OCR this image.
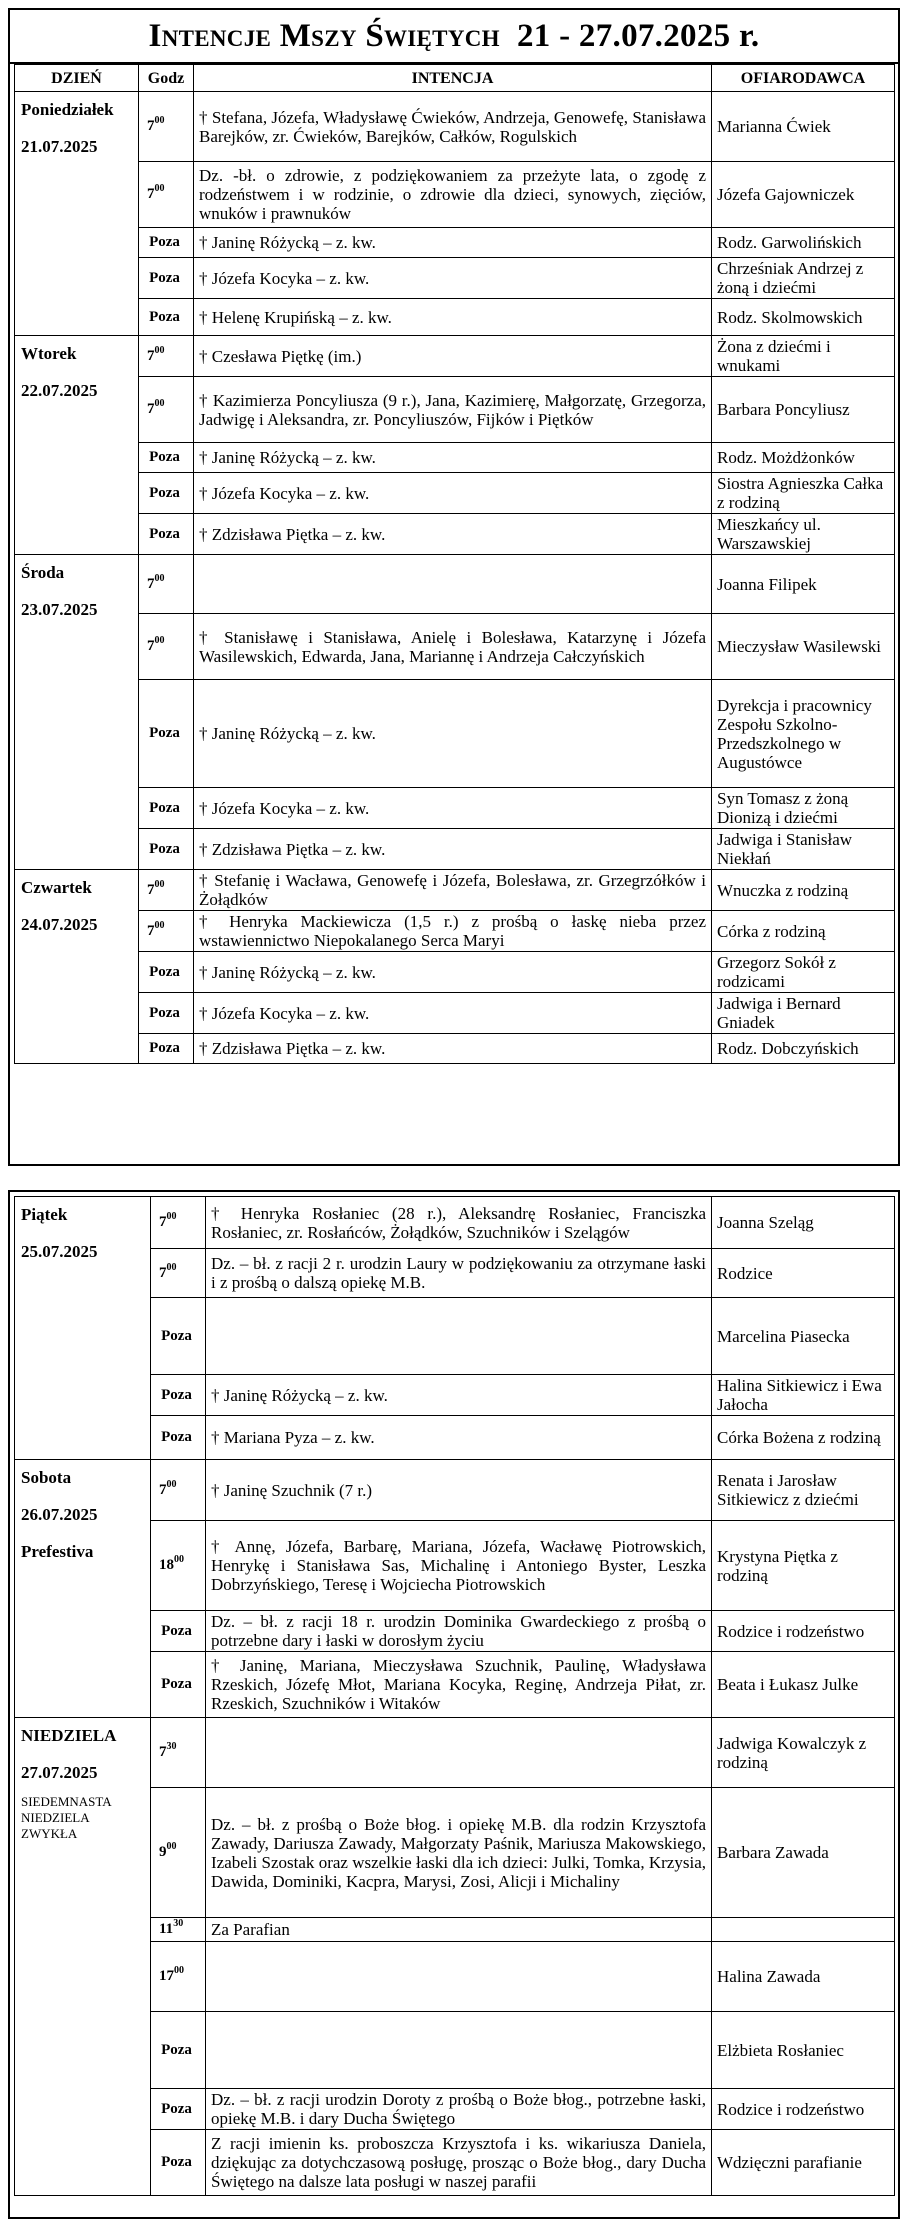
Intencje Mszy Świętych 21 - 27.07.2025 r.
DZIEŃ	Godz	INTENCJA	OFIARODAWCA

Poniedziałek
21.07.2025	$7^{00}$	† Stefana, Józefa, Władysławę Ćwieków, Andrzeja, Genowefę, Stanisława Barejków, zr. Ćwieków, Barejków, Całków, Rogulskich	Marianna Ćwiek
	$7^{00}$	Dz. -bł. o zdrowie, z podziękowaniem za przeżyte lata, o zgodę z rodzeństwem i w rodzinie, o zdrowie dla dzieci, synowych, zięciów, wnuków i prawnuków	Józefa Gajowniczek
	Poza	† Janinę Różycką – z. kw.	Rodz. Garwolińskich
	Poza	† Józefa Kocyka – z. kw.	Chrześniak Andrzej z żoną i dziećmi
	Poza	† Helenę Krupińską – z. kw.	Rodz. Skolmowskich

Wtorek
22.07.2025	$7^{00}$	† Czesława Piętkę (im.)	Żona z dziećmi i wnukami
	$7^{00}$	† Kazimierza Poncyliusza (9 r.), Jana, Kazimierę, Małgorzatę, Grzegorza, Jadwigę i Aleksandra, zr. Poncyliuszów, Fijków i Piętków	Barbara Poncyliusz
	Poza	† Janinę Różycką – z. kw.	Rodz. Możdżonków
	Poza	† Józefa Kocyka – z. kw.	Siostra Agnieszka Całka z rodziną
	Poza	† Zdzisława Piętka – z. kw.	Mieszkańcy ul. Warszawskiej

Środa
23.07.2025	$7^{00}$		Joanna Filipek
	$7^{00}$	† Stanisławę i Stanisława, Anielę i Bolesława, Katarzynę i Józefa Wasilewskich, Edwarda, Jana, Mariannę i Andrzeja Całczyńskich	Mieczysław Wasilewski
	Poza	† Janinę Różycką – z. kw.	Dyrekcja i pracownicy Zespołu Szkolno-Przedszkolnego w Augustówce
	Poza	† Józefa Kocyka – z. kw.	Syn Tomasz z żoną Dionizą i dziećmi
	Poza	† Zdzisława Piętka – z. kw.	Jadwiga i Stanisław Niekłań

Czwartek
24.07.2025	$7^{00}$	† Stefanię i Wacława, Genowefę i Józefa, Bolesława, zr. Grzegrzółków i Żołądków	Wnuczka z rodziną
	$7^{00}$	† Henryka Mackiewicza (1,5 r.) z prośbą o łaskę nieba przez wstawiennictwo Niepokalanego Serca Maryi	Córka z rodziną
	Poza	† Janinę Różycką – z. kw.	Grzegorz Sokół z rodzicami
	Poza	† Józefa Kocyka – z. kw.	Jadwiga i Bernard Gniadek
	Poza	† Zdzisława Piętka – z. kw.	Rodz. Dobczyńskich
Piątek
25.07.2025	$7^{00}$	† Henryka Rosłaniec (28 r.), Aleksandrę Rosłaniec, Franciszka Rosłaniec, zr. Rosłańców, Żołądków, Szuchników i Szelągów	Joanna Szeląg
	$7^{00}$	Dz. – bł. z racji 2 r. urodzin Laury w podziękowaniu za otrzymane łaski i z prośbą o dalszą opiekę M.B.	Rodzice
	Poza		Marcelina Piasecka
	Poza	† Janinę Różycką – z. kw.	Halina Sitkiewicz i Ewa Jałocha
	Poza	† Mariana Pyza – z. kw.	Córka Bożena z rodziną

Sobota
26.07.2025
Prefestiva	$7^{00}$	† Janinę Szuchnik (7 r.)	Renata i Jarosław Sitkiewicz z dziećmi
	$18^{00}$	† Annę, Józefa, Barbarę, Mariana, Józefa, Wacławę Piotrowskich, Henrykę i Stanisława Sas, Michalinę i Antoniego Byster, Leszka Dobrzyńskiego, Teresę i Wojciecha Piotrowskich	Krystyna Piętka z rodziną
	Poza	Dz. – bł. z racji 18 r. urodzin Dominika Gwardeckiego z prośbą o potrzebne dary i łaski w dorosłym życiu	Rodzice i rodzeństwo
	Poza	† Janinę, Mariana, Mieczysława Szuchnik, Paulinę, Władysława Rzeskich, Józefę Młot, Mariana Kocyka, Reginę, Andrzeja Piłat, zr. Rzeskich, Szuchników i Witaków	Beata i Łukasz Julke

NIEDZIELA
27.07.2025
SIEDEMNASTA NIEDZIELA ZWYKŁA	$7^{30}$		Jadwiga Kowalczyk z rodziną
	$9^{00}$	Dz. – bł. z prośbą o Boże błog. i opiekę M.B. dla rodzin Krzysztofa Zawady, Dariusza Zawady, Małgorzaty Paśnik, Mariusza Makowskiego, Izabeli Szostak oraz wszelkie łaski dla ich dzieci: Julki, Tomka, Krzysia, Dawida, Dominiki, Kacpra, Marysi, Zosi, Alicji i Michaliny	Barbara Zawada
	$11^{30}$	Za Parafian	
	$17^{00}$		Halina Zawada
	Poza		Elżbieta Rosłaniec
	Poza	Dz. – bł. z racji urodzin Doroty z prośbą o Boże błog., potrzebne łaski, opiekę M.B. i dary Ducha Świętego	Rodzice i rodzeństwo
	Poza	Z racji imienin ks. proboszcza Krzysztofa i ks. wikariusza Daniela, dziękując za dotychczasową posługę, prosząc o Boże błog., dary Ducha Świętego na dalsze lata posługi w naszej parafii	Wdzięczni parafianie
